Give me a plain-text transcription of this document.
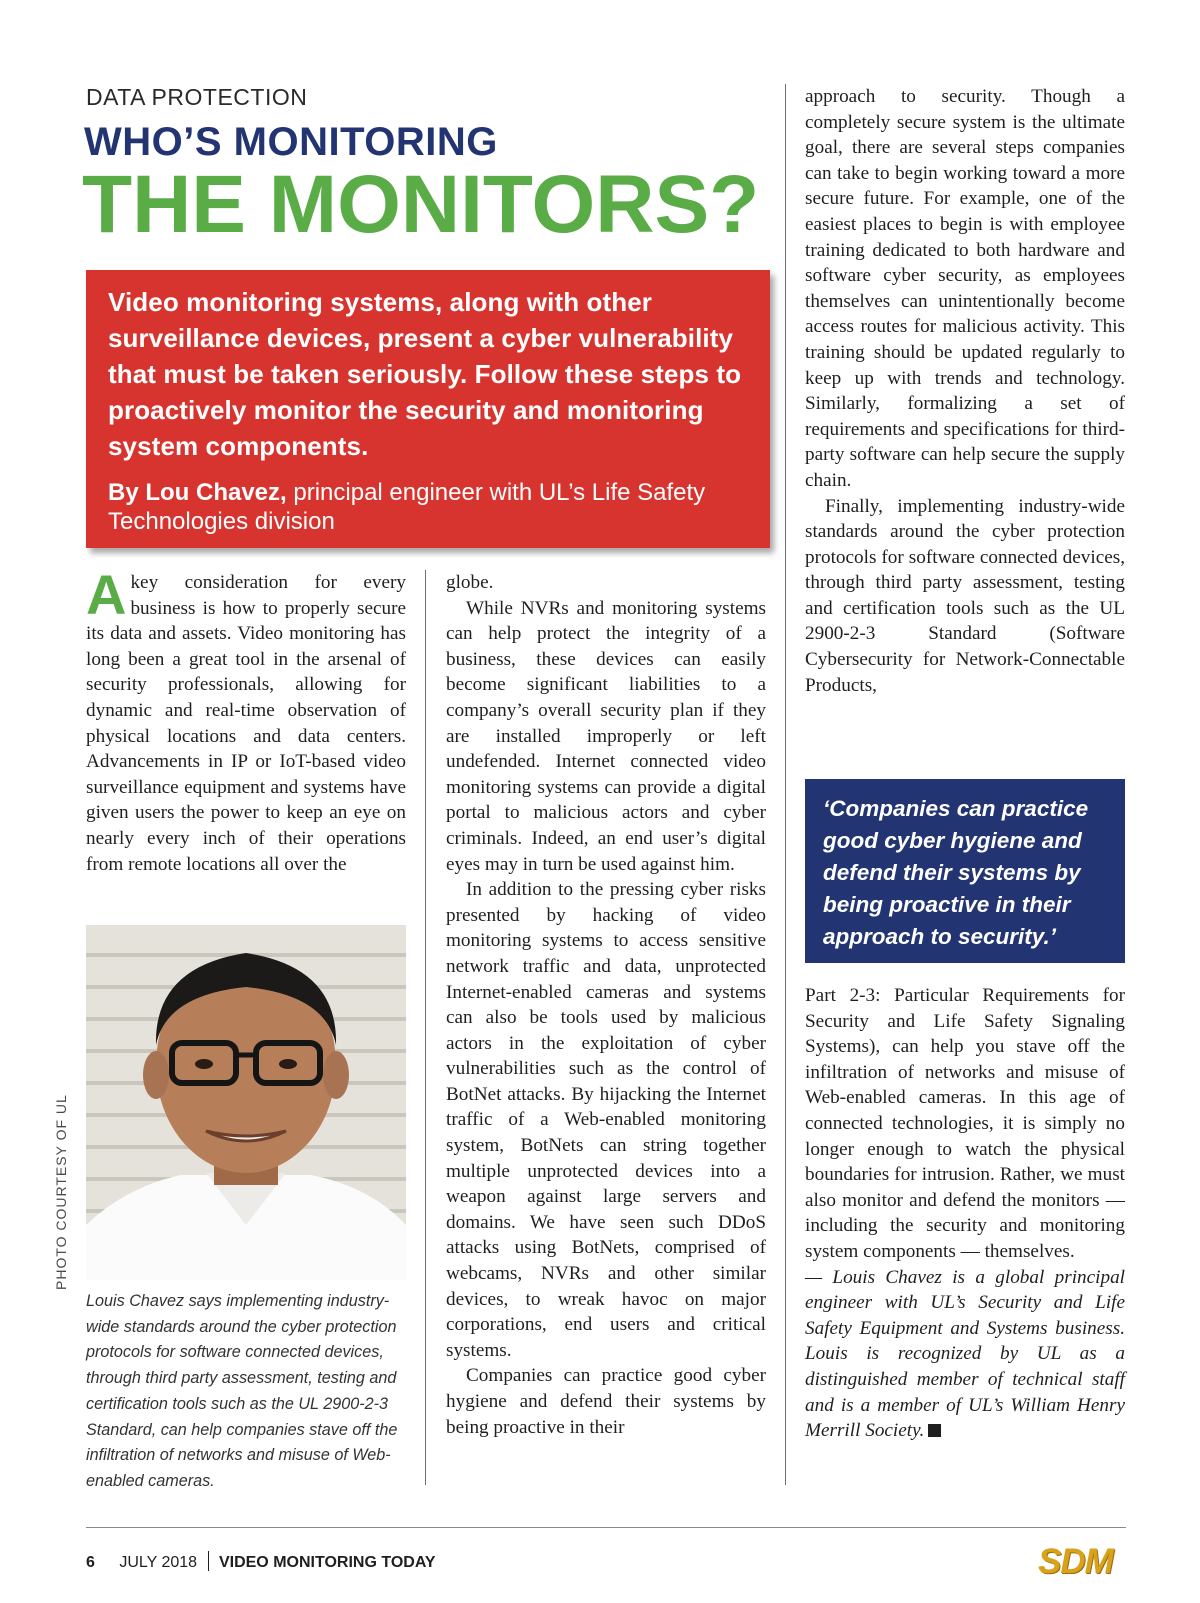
DATA PROTECTION
WHO’S MONITORING
THE MONITORS?
Video monitoring systems, along with other surveillance devices, present a cyber vulnerability that must be taken seriously. Follow these steps to proactively monitor the security and monitoring system components.
By Lou Chavez, principal engineer with UL’s Life Safety Technologies division

Akey consideration for every business is how to properly secure its data and assets. Video monitoring has long been a great tool in the arsenal of security professionals, allowing for dynamic and real-time observation of physical locations and data centers. Advancements in IP or IoT-based video surveillance equipment and systems have given users the power to keep an eye on nearly every inch of their operations from remote locations all over the

PHOTO COURTESY OF UL
Louis Chavez says implementing industry-wide standards around the cyber protection protocols for software connected devices, through third party assessment, testing and certification tools such as the UL 2900-2-3 Standard, can help companies stave off the infiltration of networks and misuse of Web-enabled cameras.

globe.

While NVRs and monitoring systems can help protect the integrity of a business, these devices can easily become significant liabilities to a company’s overall security plan if they are installed improperly or left undefended. Internet connected video monitoring systems can provide a digital portal to malicious actors and cyber criminals. Indeed, an end user’s digital eyes may in turn be used against him.

In addition to the pressing cyber risks presented by hacking of video monitoring systems to access sensitive network traffic and data, unprotected Internet-enabled cameras and systems can also be tools used by malicious actors in the exploitation of cyber vulnerabilities such as the control of BotNet attacks. By hijacking the Internet traffic of a Web-enabled monitoring system, BotNets can string together multiple unprotected devices into a weapon against large servers and domains. We have seen such DDoS attacks using BotNets, comprised of webcams, NVRs and other similar devices, to wreak havoc on major corporations, end users and critical systems.

Companies can practice good cyber hygiene and defend their systems by being proactive in their

approach to security. Though a completely secure system is the ultimate goal, there are several steps companies can take to begin working toward a more secure future. For example, one of the easiest places to begin is with employee training dedicated to both hardware and software cyber security, as employees themselves can unintentionally become access routes for malicious activity. This training should be updated regularly to keep up with trends and technology. Similarly, formalizing a set of requirements and specifications for third-party software can help secure the supply chain.

Finally, implementing industry-wide standards around the cyber protection protocols for software connected devices, through third party assessment, testing and certification tools such as the UL 2900-2-3 Standard (Software Cybersecurity for Network-Connectable Products,

‘Companies can practice good cyber hygiene and defend their systems by being proactive in their approach to security.’

Part 2-3: Particular Requirements for Security and Life Safety Signaling Systems), can help you stave off the infiltration of networks and misuse of Web-enabled cameras. In this age of connected technologies, it is simply no longer enough to watch the physical boundaries for intrusion. Rather, we must also monitor and defend the monitors — including the security and monitoring system components — themselves.

— Louis Chavez is a global principal engineer with UL’s Security and Life Safety Equipment and Systems business. Louis is recognized by UL as a distinguished member of technical staff and is a member of UL’s William Henry Merrill Society.

6 JULY 2018 VIDEO MONITORING TODAY	SDM
